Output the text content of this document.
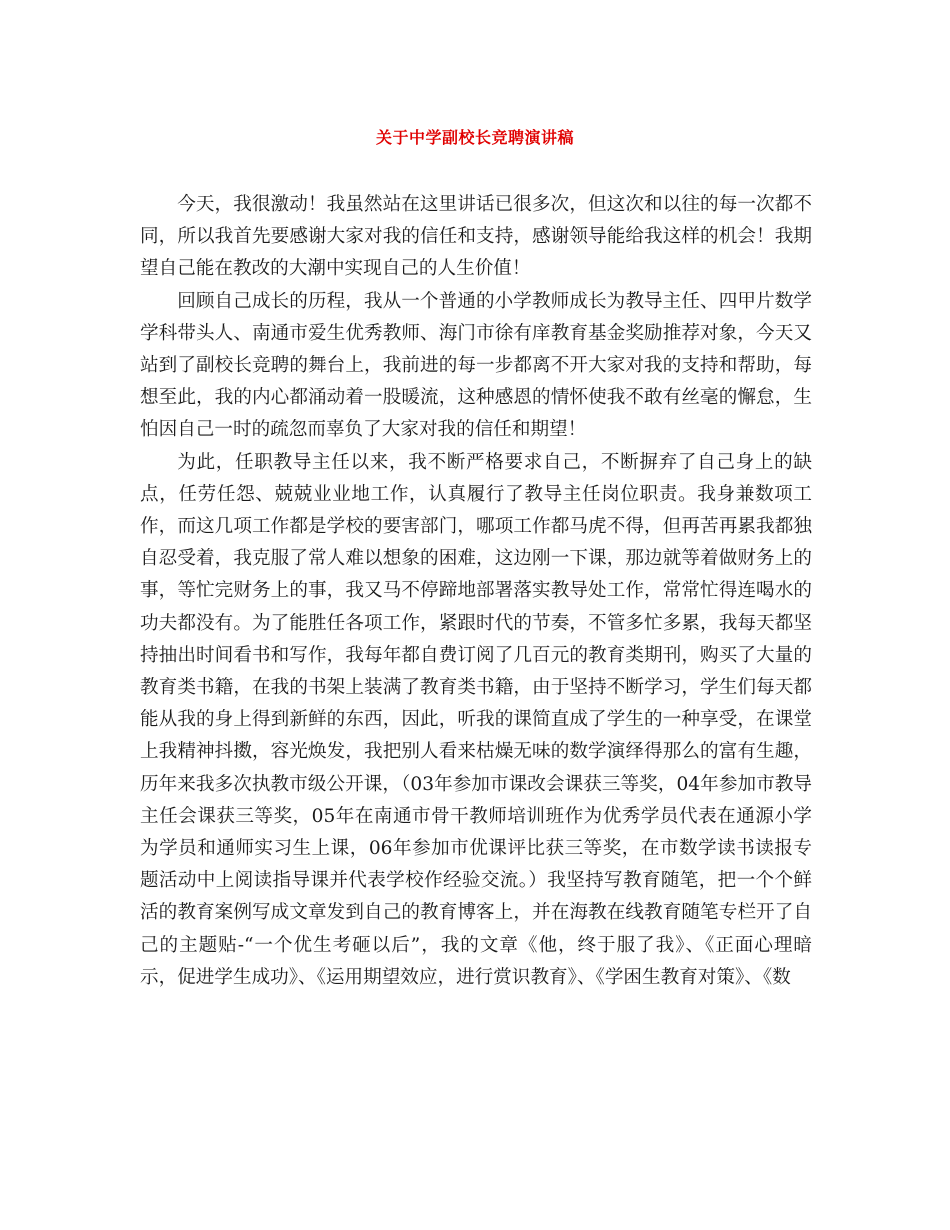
关于中学副校长竞聘演讲稿

今天，我很激动！我虽然站在这里讲话已很多次，但这次和以往的每一次都不同，所以我首先要感谢大家对我的信任和支持，感谢领导能给我这样的机会！我期望自己能在教改的大潮中实现自己的人生价值！

回顾自己成长的历程，我从一个普通的小学教师成长为教导主任、四甲片数学学科带头人、南通市爱生优秀教师、海门市徐有庠教育基金奖励推荐对象，今天又站到了副校长竞聘的舞台上，我前进的每一步都离不开大家对我的支持和帮助，每想至此，我的内心都涌动着一股暖流，这种感恩的情怀使我不敢有丝毫的懈怠，生怕因自己一时的疏忽而辜负了大家对我的信任和期望！

为此，任职教导主任以来，我不断严格要求自己，不断摒弃了自己身上的缺点，任劳任怨、兢兢业业地工作，认真履行了教导主任岗位职责。我身兼数项工作，而这几项工作都是学校的要害部门，哪项工作都马虎不得，但再苦再累我都独自忍受着，我克服了常人难以想象的困难，这边刚一下课，那边就等着做财务上的事，等忙完财务上的事，我又马不停蹄地部署落实教导处工作，常常忙得连喝水的功夫都没有。为了能胜任各项工作，紧跟时代的节奏，不管多忙多累，我每天都坚持抽出时间看书和写作，我每年都自费订阅了几百元的教育类期刊，购买了大量的教育类书籍，在我的书架上装满了教育类书籍，由于坚持不断学习，学生们每天都能从我的身上得到新鲜的东西，因此，听我的课简直成了学生的一种享受，在课堂上我精神抖擞，容光焕发，我把别人看来枯燥无味的数学演绎得那么的富有生趣，历年来我多次执教市级公开课，（03年参加市课改会课获三等奖，04年参加市教导主任会课获三等奖，05年在南通市骨干教师培训班作为优秀学员代表在通源小学为学员和通师实习生上课，06年参加市优课评比获三等奖，在市数学读书读报专题活动中上阅读指导课并代表学校作经验交流。）我坚持写教育随笔，把一个个鲜活的教育案例写成文章发到自己的教育博客上，并在海教在线教育随笔专栏开了自己的主题贴-“一个优生考砸以后”，我的文章《他，终于服了我》、《正面心理暗示，促进学生成功》、《运用期望效应，进行赏识教育》、《学困生教育对策》、《数
